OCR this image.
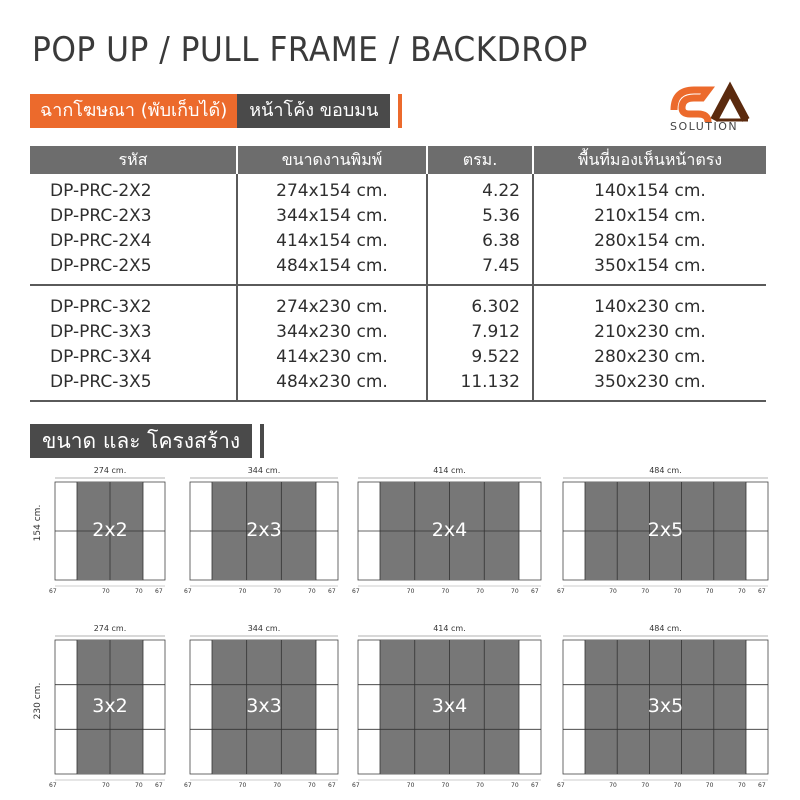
POP UP / PULL FRAME / BACKDROP
ฉากโฆษณา (พับเก็บได้)	หน้าโค้ง ขอบมน
SOLUTION
รหัส	ขนาดงานพิมพ์	ตรม.	พื้นที่มองเห็นหน้าตรง
DP-PRC-2X2	274x154 cm.	4.22	140x154 cm.
DP-PRC-2X3	344x154 cm.	5.36	210x154 cm.
DP-PRC-2X4	414x154 cm.	6.38	280x154 cm.
DP-PRC-2X5	484x154 cm.	7.45	350x154 cm.
DP-PRC-3X2	274x230 cm.	6.302	140x230 cm.
DP-PRC-3X3	344x230 cm.	7.912	210x230 cm.
DP-PRC-3X4	414x230 cm.	9.522	280x230 cm.
DP-PRC-3X5	484x230 cm.	11.132	350x230 cm.
ขนาด และ โครงสร้าง
154 cm.
230 cm.
274 cm.
2x2
67	70	70 67
344 cm.
2x3
67	70	70	70 67
414 cm.
2x4
67	70	70	70	70 67
484 cm.
2x5
67	70	70	70	70	70 67
274 cm.
3x2
67	70	70 67
344 cm.
3x3
67	70	70	70 67
414 cm.
3x4
67	70	70	70	70 67
484 cm.
3x5
67	70	70	70	70	70 67
